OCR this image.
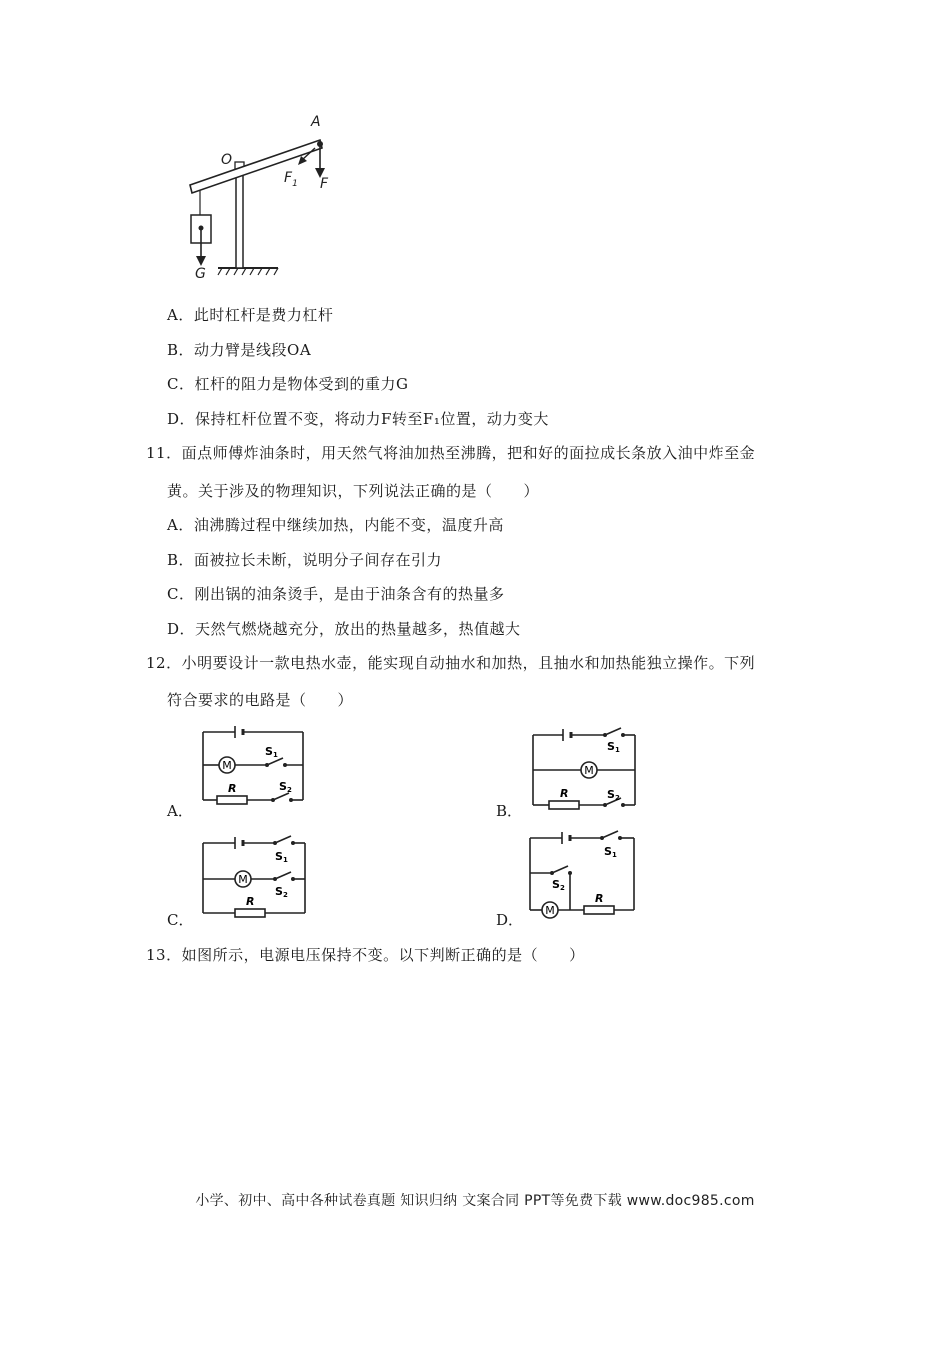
A
O
$F_1$ F
G
A．此时杠杆是费力杠杆
B．动力臂是线段OA
C．杠杆的阻力是物体受到的重力G
D．保持杠杆位置不变，将动力F转至F₁位置，动力变大
11．面点师傅炸油条时，用天然气将油加热至沸腾，把和好的面拉成长条放入油中炸至金
黄。关于涉及的物理知识，下列说法正确的是（　　）
A．油沸腾过程中继续加热，内能不变，温度升高
B．面被拉长未断，说明分子间存在引力
C．刚出锅的油条烫手，是由于油条含有的热量多
D．天然气燃烧越充分，放出的热量越多，热值越大
12．小明要设计一款电热水壶，能实现自动抽水和加热，且抽水和加热能独立操作。下列
符合要求的电路是（　　）
A．
M
S1
S2
R
B．
M
S1
S2
R
C．
M
S1
S2
R
D．
M
S1
S2
R
13．如图所示，电源电压保持不变。以下判断正确的是（　　）
小学、初中、高中各种试卷真题 知识归纳 文案合同 PPT等免费下载 www.doc985.com
